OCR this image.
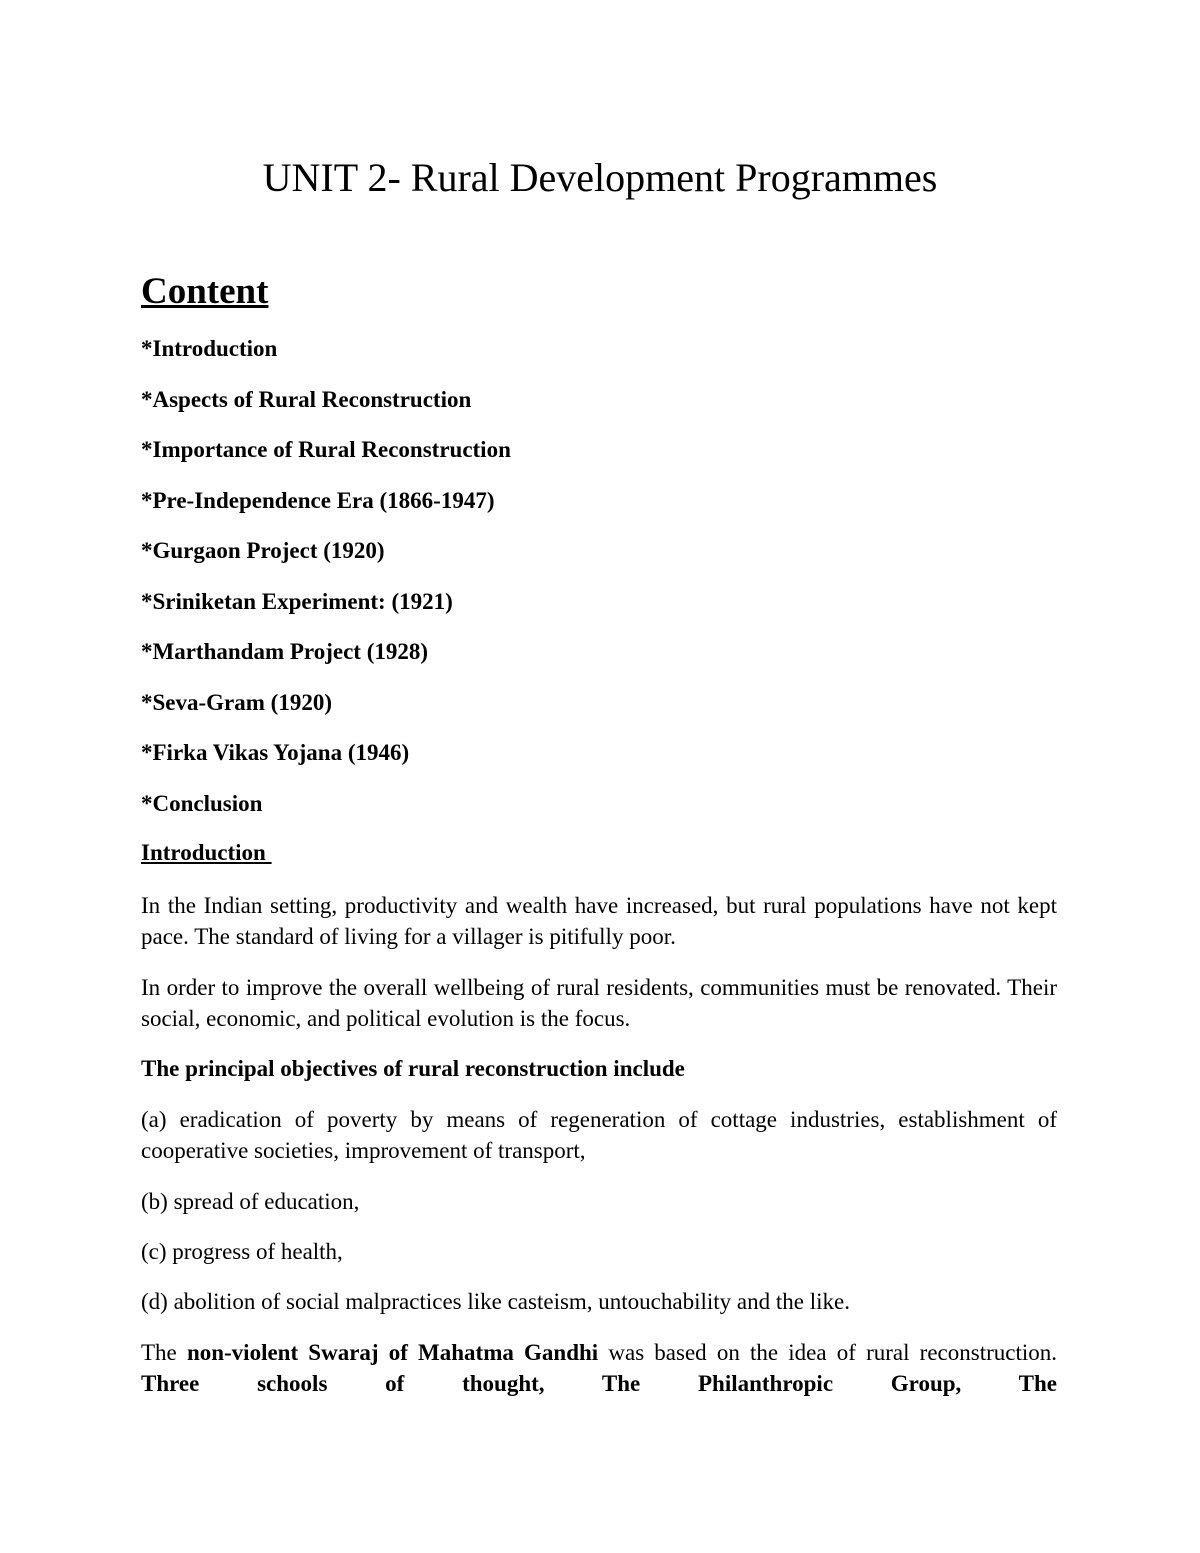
UNIT 2- Rural Development Programmes
Content
*Introduction
*Aspects of Rural Reconstruction
*Importance of Rural Reconstruction
*Pre-Independence Era (1866-1947)
*Gurgaon Project (1920)
*Sriniketan Experiment: (1921)
*Marthandam Project (1928)
*Seva-Gram (1920)
*Firka Vikas Yojana (1946)
*Conclusion
Introduction

In the Indian setting, productivity and wealth have increased, but rural populations have not kept pace. The standard of living for a villager is pitifully poor.

In order to improve the overall wellbeing of rural residents, communities must be renovated. Their social, economic, and political evolution is the focus.

The principal objectives of rural reconstruction include

(a) eradication of poverty by means of regeneration of cottage industries, establishment of cooperative societies, improvement of transport,

(b) spread of education,

(c) progress of health,

(d) abolition of social malpractices like casteism, untouchability and the like.

The non-violent Swaraj of Mahatma Gandhi was based on the idea of rural reconstruction. Three schools of thought, The Philanthropic Group, The
